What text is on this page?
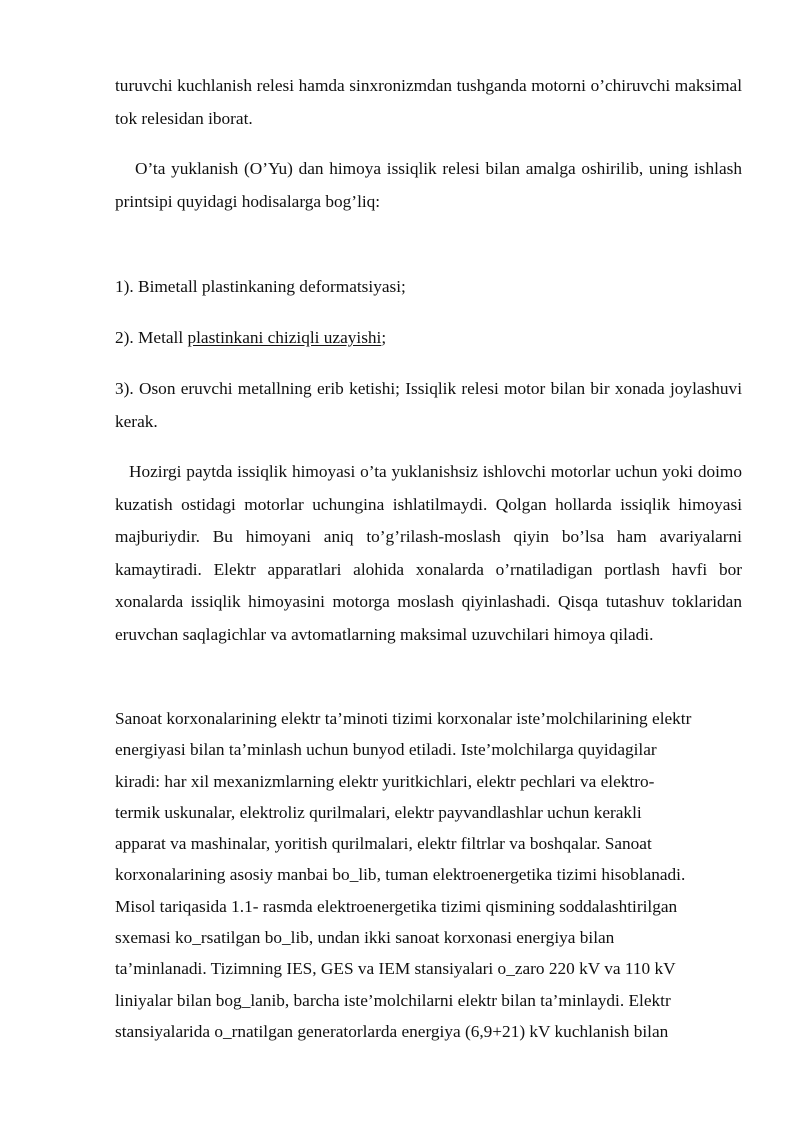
turuvchi kuchlanish relesi hamda sinxronizmdan tushganda motorni o’chiruvchi maksimal tok relesidan iborat.

O’ta yuklanish (O’Yu) dan himoya issiqlik relesi bilan amalga oshirilib, uning ishlash printsipi quyidagi hodisalarga bog’liq:

1). Bimetall plastinkaning deformatsiyasi;

2). Metall plastinkani chiziqli uzayishi;

3). Oson eruvchi metallning erib ketishi; Issiqlik relesi motor bilan bir xonada joylashuvi kerak.

Hozirgi paytda issiqlik himoyasi o’ta yuklanishsiz ishlovchi motorlar uchun yoki doimo kuzatish ostidagi motorlar uchungina ishlatilmaydi. Qolgan hollarda issiqlik himoyasi majburiydir. Bu himoyani aniq to’g’rilash-moslash qiyin bo’lsa ham avariyalarni kamaytiradi. Elektr apparatlari alohida xonalarda o’rnatiladigan portlash havfi bor xonalarda issiqlik himoyasini motorga moslash qiyinlashadi. Qisqa tutashuv toklaridan eruvchan saqlagichlar va avtomatlarning maksimal uzuvchilari himoya qiladi.

Sanoat korxonalarining elektr ta’minoti tizimi korxonalar iste’molchilarining elektr
energiyasi bilan ta’minlash uchun bunyod etiladi. Iste’molchilarga quyidagilar
kiradi: har xil mexanizmlarning elektr yuritkichlari, elektr pechlari va elektro-
termik uskunalar, elektroliz qurilmalari, elektr payvandlashlar uchun kerakli
apparat va mashinalar, yoritish qurilmalari, elektr filtrlar va boshqalar. Sanoat
korxonalarining asosiy manbai bo_lib, tuman elektroenergetika tizimi hisoblanadi.
Misol tariqasida 1.1- rasmda elektroenergetika tizimi qismining soddalashtirilgan
sxemasi ko_rsatilgan bo_lib, undan ikki sanoat korxonasi energiya bilan
ta’minlanadi. Tizimning IES, GES va IEM stansiyalari o_zaro 220 kV va 110 kV
liniyalar bilan bog_lanib, barcha iste’molchilarni elektr bilan ta’minlaydi. Elektr
stansiyalarida o_rnatilgan generatorlarda energiya (6,9+21) kV kuchlanish bilan
